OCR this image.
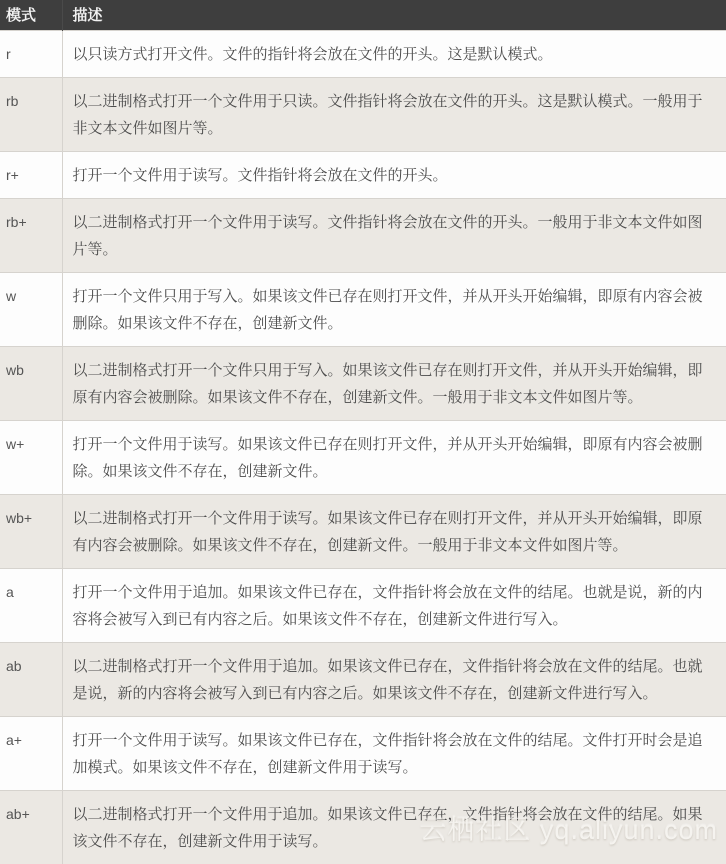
模式	描述
r	以只读方式打开文件。文件的指针将会放在文件的开头。这是默认模式。
rb	以二进制格式打开一个文件用于只读。文件指针将会放在文件的开头。这是默认模式。一般用于非文本文件如图片等。
r+	打开一个文件用于读写。文件指针将会放在文件的开头。
rb+	以二进制格式打开一个文件用于读写。文件指针将会放在文件的开头。一般用于非文本文件如图片等。
w	打开一个文件只用于写入。如果该文件已存在则打开文件，并从开头开始编辑，即原有内容会被删除。如果该文件不存在，创建新文件。
wb	以二进制格式打开一个文件只用于写入。如果该文件已存在则打开文件，并从开头开始编辑，即原有内容会被删除。如果该文件不存在，创建新文件。一般用于非文本文件如图片等。
w+	打开一个文件用于读写。如果该文件已存在则打开文件，并从开头开始编辑，即原有内容会被删除。如果该文件不存在，创建新文件。
wb+	以二进制格式打开一个文件用于读写。如果该文件已存在则打开文件，并从开头开始编辑，即原有内容会被删除。如果该文件不存在，创建新文件。一般用于非文本文件如图片等。
a	打开一个文件用于追加。如果该文件已存在，文件指针将会放在文件的结尾。也就是说，新的内容将会被写入到已有内容之后。如果该文件不存在，创建新文件进行写入。
ab	以二进制格式打开一个文件用于追加。如果该文件已存在，文件指针将会放在文件的结尾。也就是说，新的内容将会被写入到已有内容之后。如果该文件不存在，创建新文件进行写入。
a+	打开一个文件用于读写。如果该文件已存在，文件指针将会放在文件的结尾。文件打开时会是追加模式。如果该文件不存在，创建新文件用于读写。
ab+	以二进制格式打开一个文件用于追加。如果该文件已存在，文件指针将会放在文件的结尾。如果该文件不存在，创建新文件用于读写。	云栖社区 yq.aliyun.com
